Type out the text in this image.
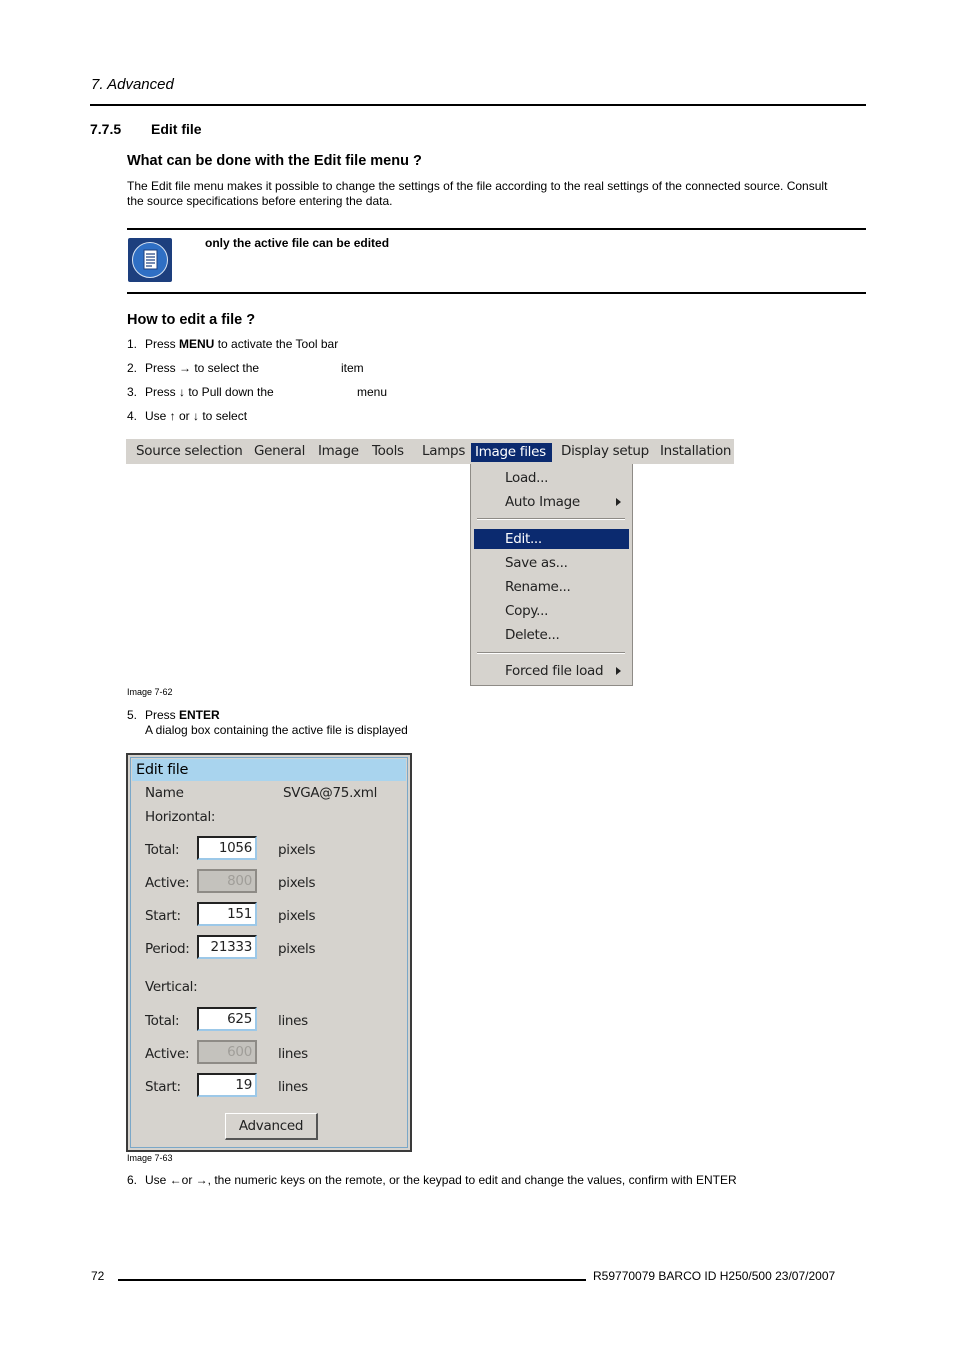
7. Advanced
7.7.5 Edit file
What can be done with the Edit file menu ?
The Edit file menu makes it possible to change the settings of the file according to the real settings of the connected source. Consult
the source specifications before entering the data.
only the active file can be edited
How to edit a file ?
1. Press MENU to activate the Tool bar
2. Press → to select the	item
3. Press ↓ to Pull down the	menu
4. Use ↑ or ↓ to select
Source selection General Image Tools Lamps Image files	Display setup Installation
Load...
Auto Image
Edit...
Save as...
Rename...
Copy...
Delete...
Forced file load
Image 7-62
5. Press ENTER
A dialog box containing the active file is displayed
Edit file
Name	SVGA@75.xml
Horizontal:
Total:	1056	pixels
Active:	800	pixels
Start:	151	pixels
Period:	21333	pixels
Vertical:
Total:	625	lines
Active:	600	lines
Start:	19	lines
Advanced
Image 7-63
6. Use ←or →, the numeric keys on the remote, or the keypad to edit and change the values, confirm with ENTER
72	R59770079 BARCO ID H250/500 23/07/2007
